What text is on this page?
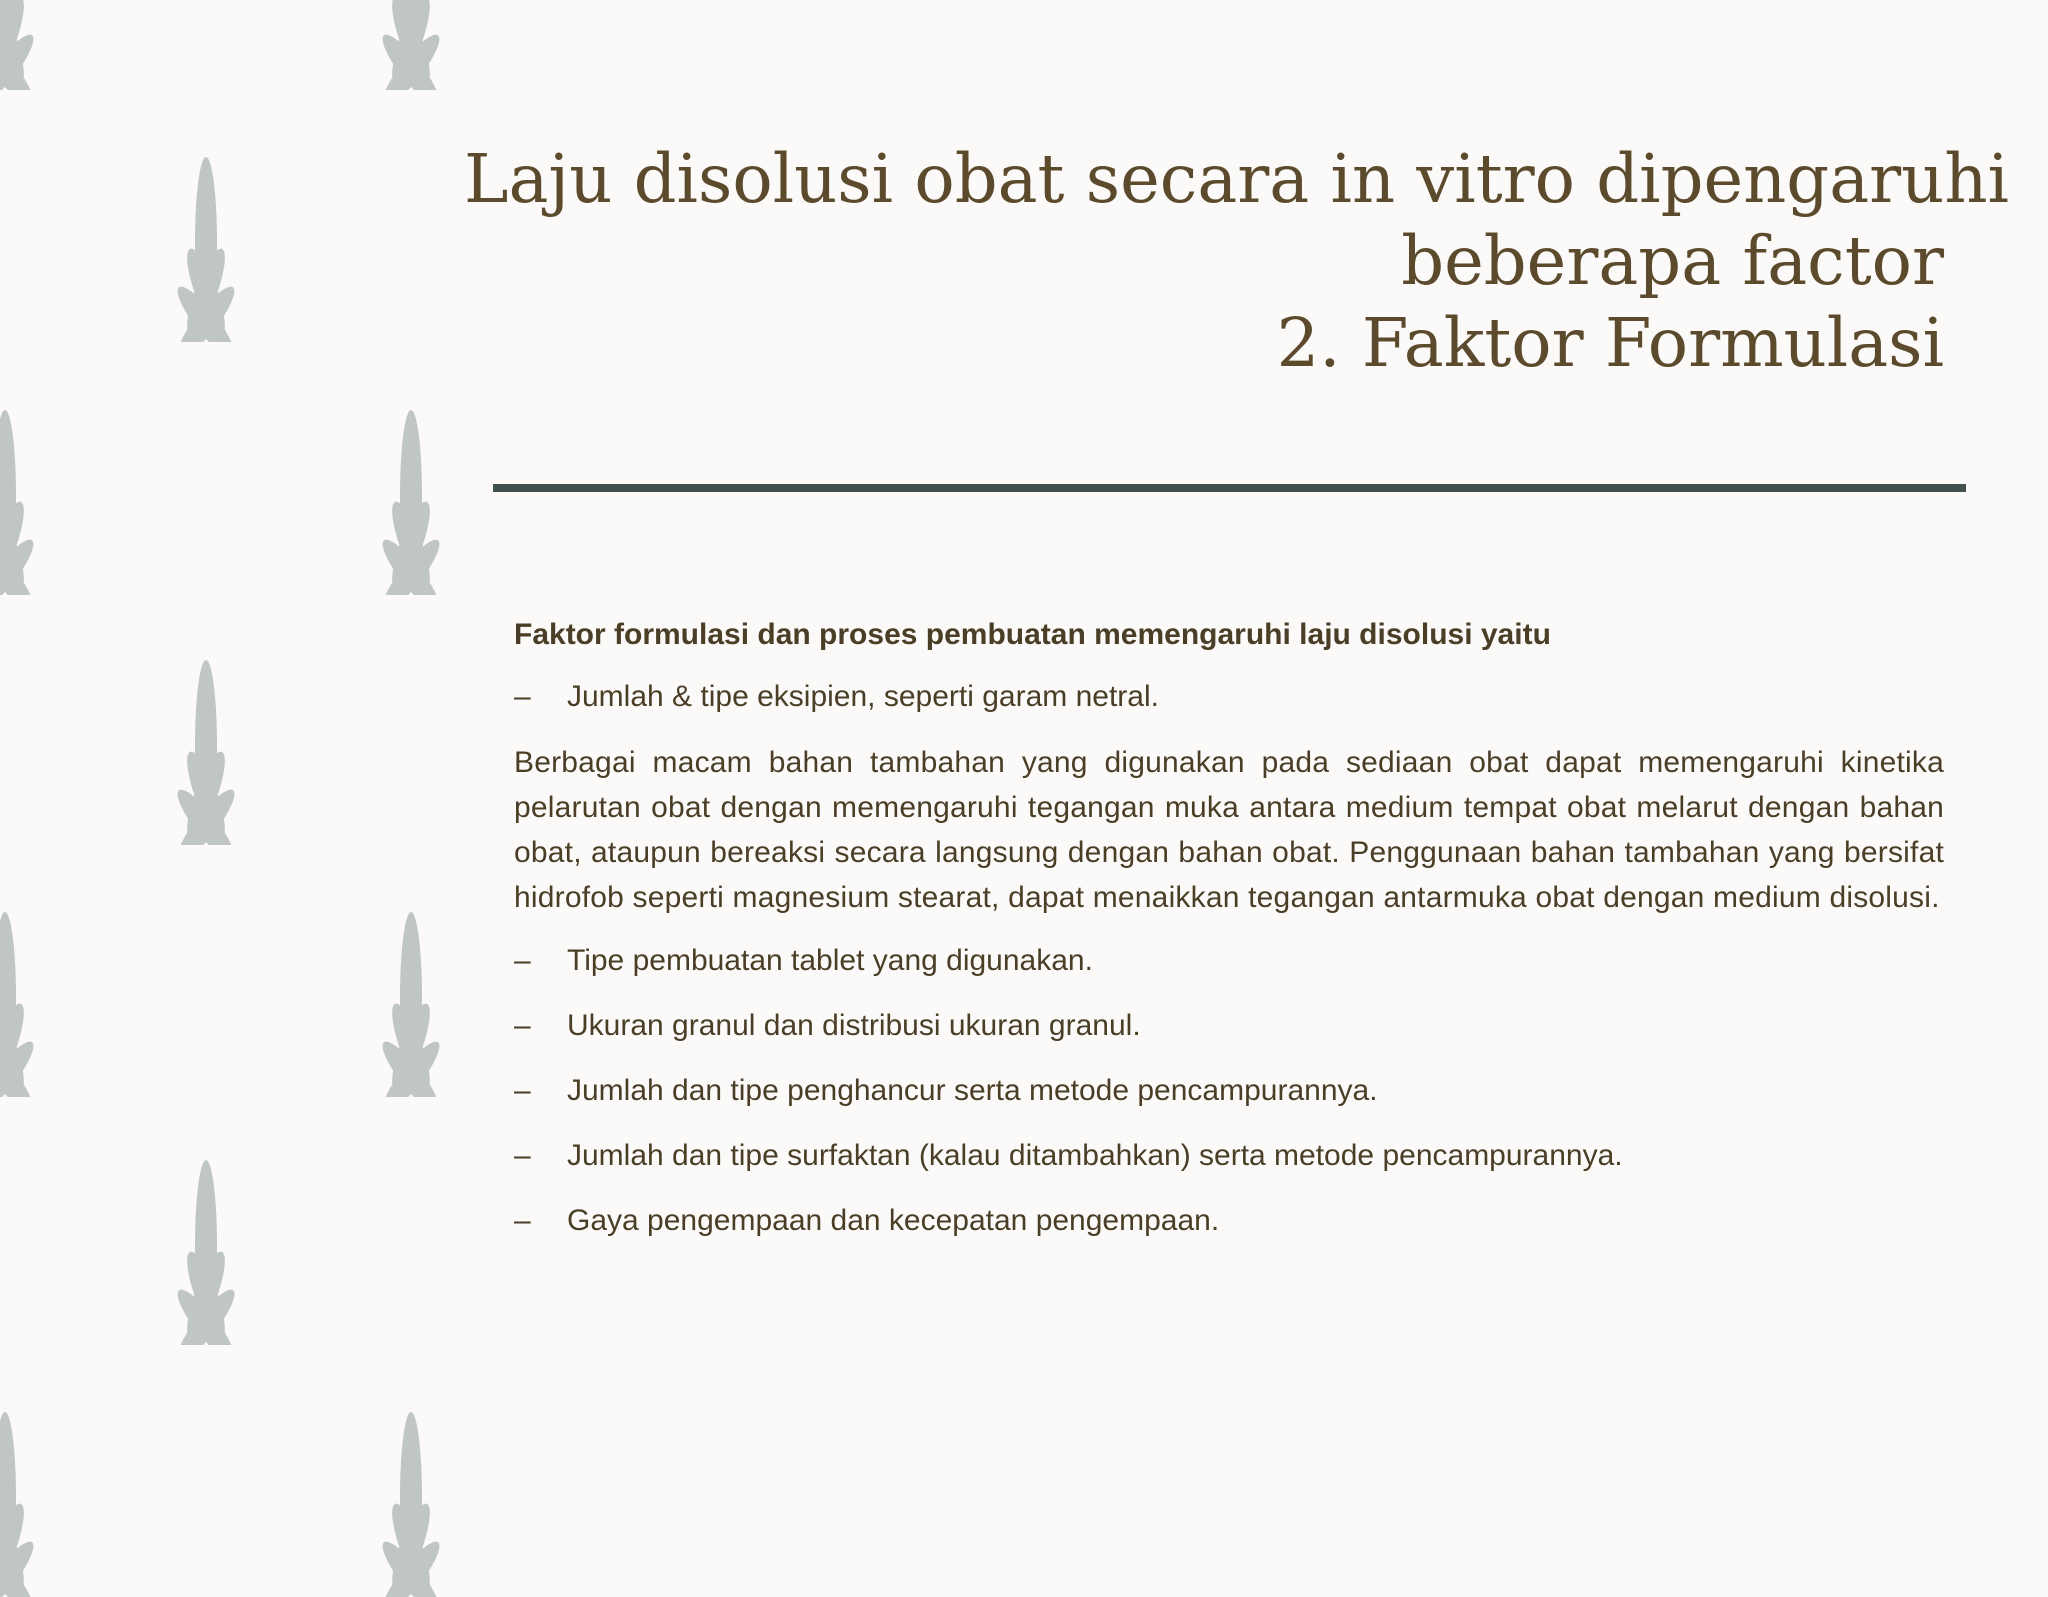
Laju disolusi obat secara in vitro dipengaruhi
beberapa factor
2. Faktor Formulasi

Faktor formulasi dan proses pembuatan memengaruhi laju disolusi yaitu

–	Jumlah & tipe eksipien, seperti garam netral.

Berbagai macam bahan tambahan yang digunakan pada sediaan obat dapat memengaruhi kinetika pelarutan obat dengan memengaruhi tegangan muka antara medium tempat obat melarut dengan bahan obat, ataupun bereaksi secara langsung dengan bahan obat. Penggunaan bahan tambahan yang bersifat hidrofob seperti magnesium stearat, dapat menaikkan tegangan antarmuka obat dengan medium disolusi.

–	Tipe pembuatan tablet yang digunakan.
–	Ukuran granul dan distribusi ukuran granul.
–	Jumlah dan tipe penghancur serta metode pencampurannya.
–	Jumlah dan tipe surfaktan (kalau ditambahkan) serta metode pencampurannya.
–	Gaya pengempaan dan kecepatan pengempaan.
